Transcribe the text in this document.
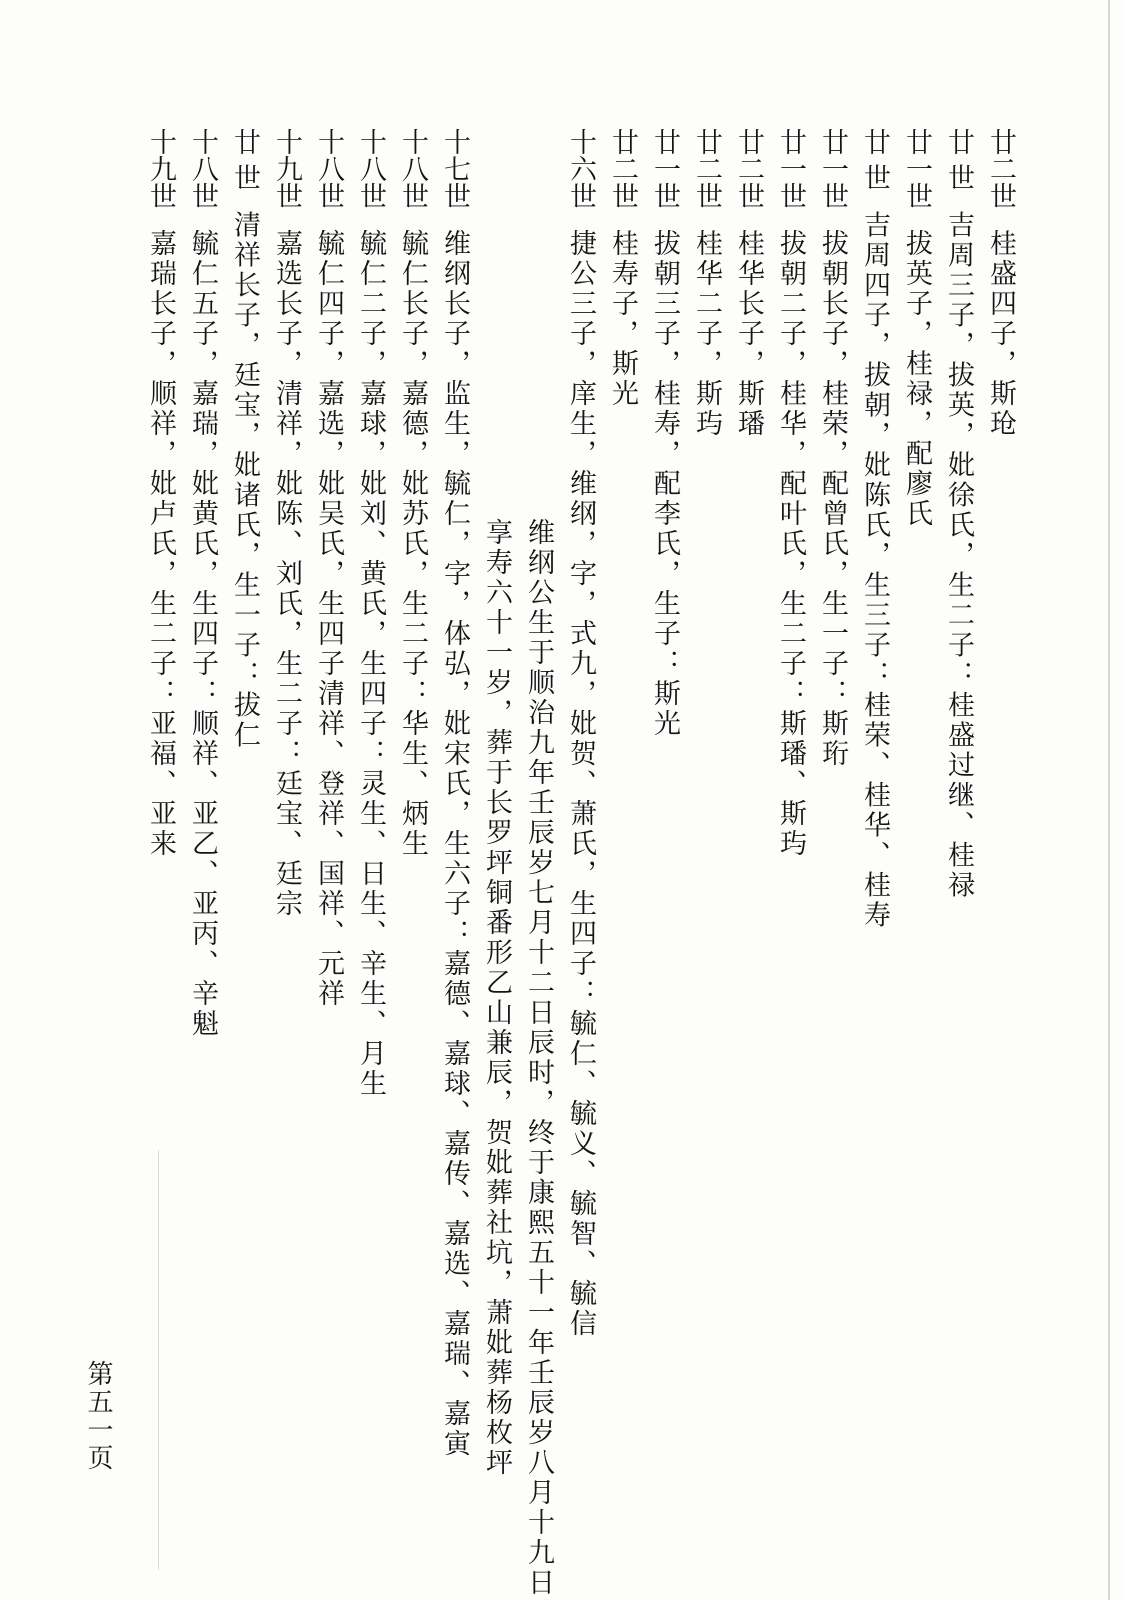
廿二世桂盛四子，斯玱
廿 世吉周三子，拔英，妣徐氏，生二子：桂盛过继、桂禄
廿一世拔英子，桂禄，配廖氏
廿 世吉周四子，拔朝，妣陈氏，生三子：桂荣、桂华、桂寿
廿一世拔朝长子，桂荣，配曾氏，生一子：斯珩
廿一世拔朝二子，桂华，配叶氏，生二子：斯璠、斯玙
廿二世桂华长子，斯璠
廿二世桂华二子，斯玙
廿一世拔朝三子，桂寿，配李氏，生子：斯光
廿二世桂寿子，斯光
十六世捷公三子，庠生，维纲，字，式九，妣贺、萧氏，生四子：毓仁、毓义、毓智、毓信
维纲公生于顺治九年壬辰岁七月十二日辰时，终于康熙五十一年壬辰岁八月十九日
享寿六十一岁，葬于长罗坪铜番形乙山兼辰，贺妣葬社坑，萧妣葬杨枚坪
十七世维纲长子，监生，毓仁，字，体弘，妣宋氏，生六子：嘉德、嘉球、嘉传、嘉选、嘉瑞、嘉寅
十八世毓仁长子，嘉德，妣苏氏，生二子：华生、炳生
十八世毓仁二子，嘉球，妣刘、黄氏，生四子：灵生、日生、辛生、月生
十八世毓仁四子，嘉选，妣吴氏，生四子清祥、登祥、国祥、元祥
十九世嘉选长子，清祥，妣陈、刘氏，生二子：廷宝、廷宗
廿 世清祥长子，廷宝，妣诸氏，生一子：拔仁
十八世毓仁五子，嘉瑞，妣黄氏，生四子：顺祥、亚乙、亚丙、辛魁
十九世嘉瑞长子，顺祥，妣卢氏，生二子：亚福、亚来
第五一页
